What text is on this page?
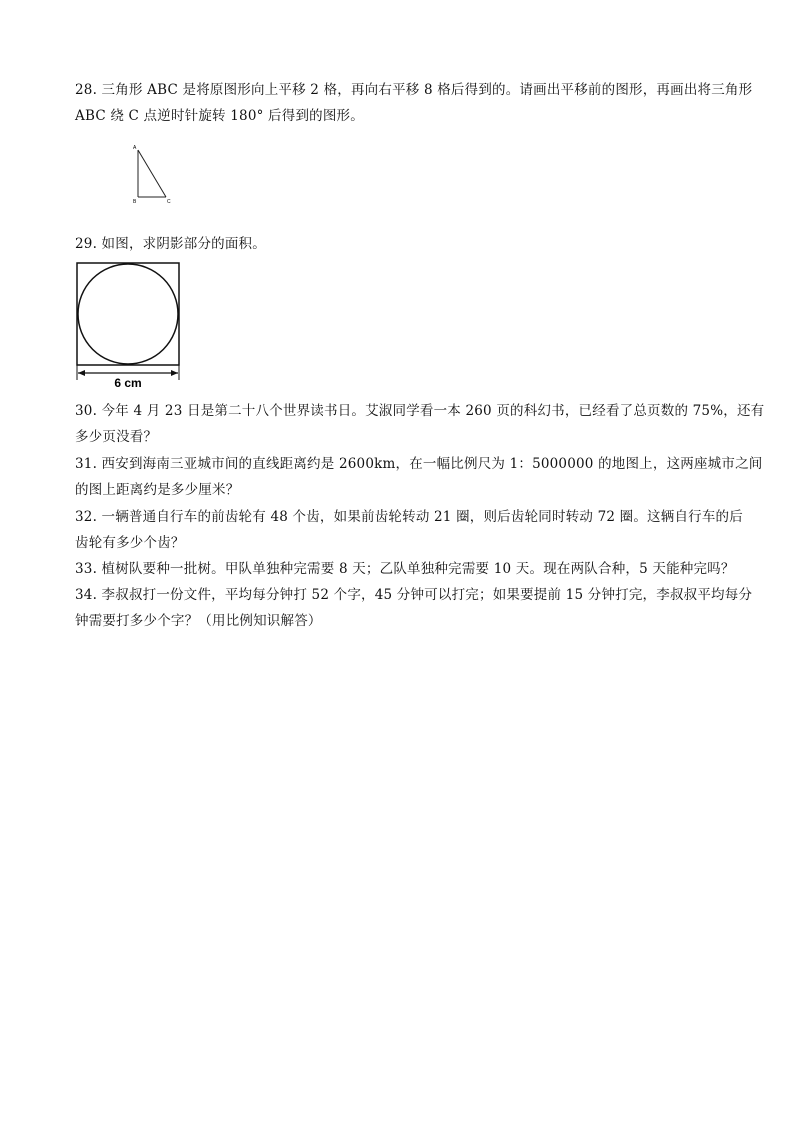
28. 三角形 ABC 是将原图形向上平移 2 格，再向右平移 8 格后得到的。请画出平移前的图形，再画出将三角形
ABC 绕 C 点逆时针旋转 180° 后得到的图形。
A
B	C
29. 如图，求阴影部分的面积。
6 cm
30. 今年 4 月 23 日是第二十八个世界读书日。艾淑同学看一本 260 页的科幻书，已经看了总页数的 75%，还有
多少页没看？
31. 西安到海南三亚城市间的直线距离约是 2600km，在一幅比例尺为 1：5000000 的地图上，这两座城市之间
的图上距离约是多少厘米？
32. 一辆普通自行车的前齿轮有 48 个齿，如果前齿轮转动 21 圈，则后齿轮同时转动 72 圈。这辆自行车的后
齿轮有多少个齿？
33. 植树队要种一批树。甲队单独种完需要 8 天；乙队单独种完需要 10 天。现在两队合种，5 天能种完吗？
34. 李叔叔打一份文件，平均每分钟打 52 个字，45 分钟可以打完；如果要提前 15 分钟打完，李叔叔平均每分
钟需要打多少个字？（用比例知识解答）
